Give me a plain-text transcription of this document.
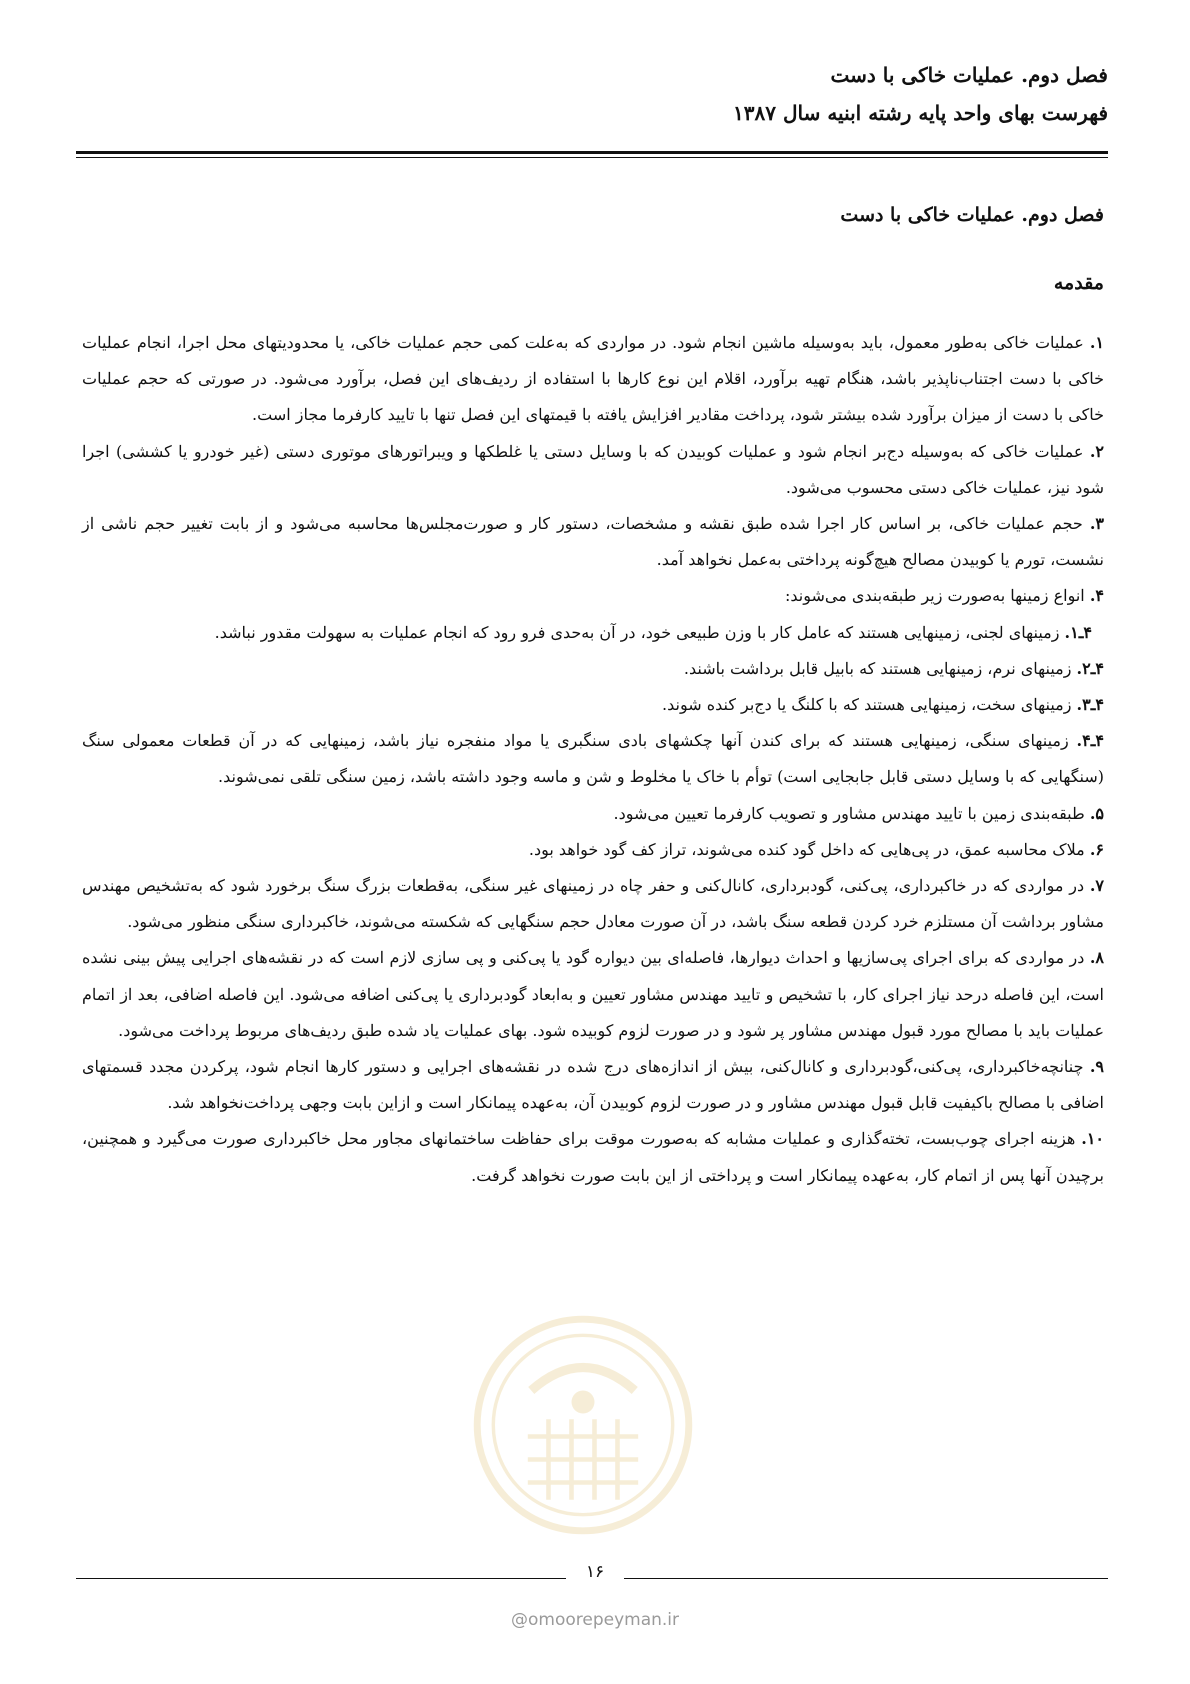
فصل دوم. عملیات خاکی با دست
فهرست بهای واحد پایه رشته ابنیه سال ۱۳۸۷
فصل دوم. عملیات خاکی با دست
مقدمه

۱. عملیات خاکی به‌طور معمول، باید به‌وسیله ماشین انجام شود. در مواردی که به‌علت کمی حجم عملیات خاکی، یا محدودیتهای محل اجرا، انجام عملیات خاکی با دست اجتناب‌ناپذیر باشد، هنگام تهیه برآورد، اقلام این نوع کارها با استفاده از ردیف‌های این فصل، برآورد می‌شود. در صورتی که حجم عملیات خاکی با دست از میزان برآورد شده بیشتر شود، پرداخت مقادیر افزایش یافته با قیمتهای این فصل تنها با تایید کارفرما مجاز است.

۲. عملیات خاکی که به‌وسیله دج‌بر انجام شود و عملیات کوبیدن که با وسایل دستی یا غلطکها و ویبراتورهای موتوری دستی (غیر خودرو یا کششی) اجرا شود نیز، عملیات خاکی دستی محسوب می‌شود.

۳. حجم عملیات خاکی، بر اساس کار اجرا شده طبق نقشه و مشخصات، دستور کار و صورت‌مجلس‌ها محاسبه می‌شود و از بابت تغییر حجم ناشی از نشست، تورم یا کوبیدن مصالح هیچ‌گونه پرداختی به‌عمل نخواهد آمد.

۴. انواع زمینها به‌صورت زیر طبقه‌بندی می‌شوند:

۴ـ۱. زمینهای لجنی، زمینهایی هستند که عامل کار با وزن طبیعی خود، در آن به‌حدی فرو رود که انجام عملیات به سهولت مقدور نباشد.

۴ـ۲. زمینهای نرم، زمینهایی هستند که بابیل قابل برداشت باشند.

۴ـ۳. زمینهای سخت، زمینهایی هستند که با کلنگ یا دج‌بر کنده شوند.

۴ـ۴. زمینهای سنگی، زمینهایی هستند که برای کندن آنها چکشهای بادی سنگبری یا مواد منفجره نیاز باشد، زمینهایی که در آن قطعات معمولی سنگ (سنگهایی که با وسایل دستی قابل جابجایی است) توأم با خاک یا مخلوط و شن و ماسه وجود داشته باشد، زمین سنگی تلقی نمی‌شوند.

۵. طبقه‌بندی زمین با تایید مهندس مشاور و تصویب کارفرما تعیین می‌شود.

۶. ملاک محاسبه عمق، در پی‌هایی که داخل گود کنده می‌شوند، تراز کف گود خواهد بود.

۷. در مواردی که در خاکبرداری، پی‌کنی، گودبرداری، کانال‌کنی و حفر چاه در زمینهای غیر سنگی، به‌قطعات بزرگ سنگ برخورد شود که به‌تشخیص مهندس مشاور برداشت آن مستلزم خرد کردن قطعه سنگ باشد، در آن صورت معادل حجم سنگهایی که شکسته می‌شوند، خاکبرداری سنگی منظور می‌شود.

۸. در مواردی که برای اجرای پی‌سازیها و احداث دیوارها، فاصله‌ای بین دیواره گود یا پی‌کنی و پی سازی لازم است که در نقشه‌های اجرایی پیش بینی نشده است، این فاصله درحد نیاز اجرای کار، با تشخیص و تایید مهندس مشاور تعیین و به‌ابعاد گودبرداری یا پی‌کنی اضافه می‌شود. این فاصله اضافی، بعد از اتمام عملیات باید با مصالح مورد قبول مهندس مشاور پر شود و در صورت لزوم کوبیده شود. بهای عملیات یاد شده طبق ردیف‌های مربوط پرداخت می‌شود.

۹. چنانچه‌خاکبرداری، پی‌کنی،گودبرداری و کانال‌کنی، بیش از اندازه‌های درج شده در نقشه‌های اجرایی و دستور کارها انجام شود، پرکردن مجدد قسمتهای اضافی با مصالح باکیفیت قابل قبول مهندس مشاور و در صورت لزوم کوبیدن آن، به‌عهده پیمانکار است و ازاین بابت وجهی پرداخت‌نخواهد شد.

۱۰. هزینه اجرای چوب‌بست، تخته‌گذاری و عملیات مشابه که به‌صورت موقت برای حفاظت ساختمانهای مجاور محل خاکبرداری صورت می‌گیرد و همچنین، برچیدن آنها پس از اتمام کار، به‌عهده پیمانکار است و پرداختی از این بابت صورت نخواهد گرفت.

۱۶
@omoorepeyman.ir
